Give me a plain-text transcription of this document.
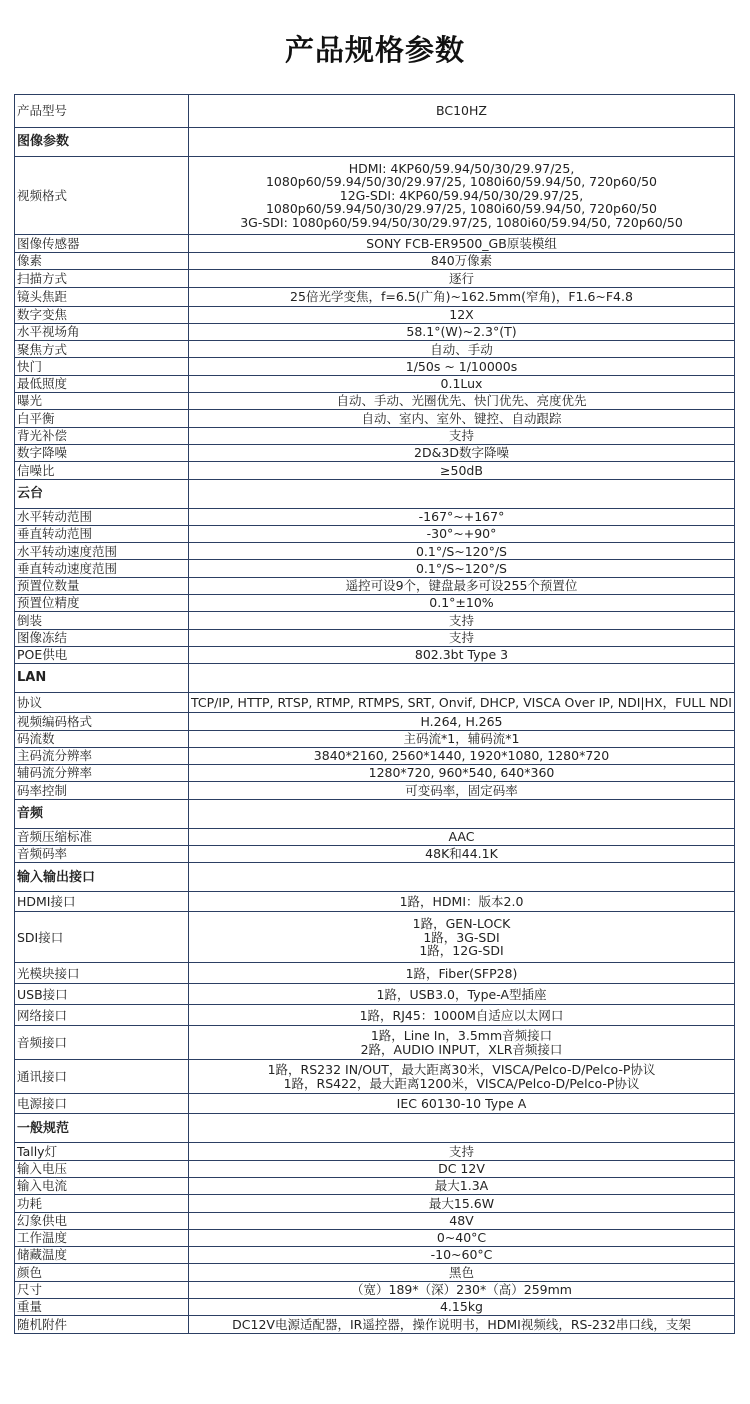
产品规格参数
产品型号	BC10HZ
图像参数	
视频格式	HDMI: 4KP60/59.94/50/30/29.97/25,
1080p60/59.94/50/30/29.97/25, 1080i60/59.94/50, 720p60/50
12G-SDI: 4KP60/59.94/50/30/29.97/25,
1080p60/59.94/50/30/29.97/25, 1080i60/59.94/50, 720p60/50
3G-SDI: 1080p60/59.94/50/30/29.97/25, 1080i60/59.94/50, 720p60/50

图像传感器	SONY FCB-ER9500_GB原装模组

像素	840万像素

扫描方式	逐行

镜头焦距	25倍光学变焦，f=6.5(广角)~162.5mm(窄角)，F1.6~F4.8

数字变焦	12X

水平视场角	58.1°(W)~2.3°(T)

聚焦方式	自动、手动

快门	1/50s ~ 1/10000s

最低照度	0.1Lux

曝光	自动、手动、光圈优先、快门优先、亮度优先

白平衡	自动、室内、室外、键控、自动跟踪

背光补偿	支持

数字降噪	2D&3D数字降噪

信噪比	≥50dB

云台	
水平转动范围	-167°~+167°

垂直转动范围	-30°~+90°

水平转动速度范围	0.1°/S~120°/S

垂直转动速度范围	0.1°/S~120°/S

预置位数量	遥控可设9个，键盘最多可设255个预置位

预置位精度	0.1°±10%

倒装	支持

图像冻结	支持

POE供电	802.3bt Type 3

LAN	
协议	TCP/IP, HTTP, RTSP, RTMP, RTMPS, SRT, Onvif, DHCP, VISCA Over IP, NDI|HX，FULL NDI

视频编码格式	H.264, H.265

码流数	主码流*1，辅码流*1

主码流分辨率	3840*2160, 2560*1440, 1920*1080, 1280*720

辅码流分辨率	1280*720, 960*540, 640*360

码率控制	可变码率，固定码率

音频	
音频压缩标准	AAC

音频码率	48K和44.1K

输入输出接口	
HDMI接口	1路，HDMI：版本2.0

SDI接口	1路，GEN-LOCK
1路，3G-SDI
1路，12G-SDI

光模块接口	1路，Fiber(SFP28)

USB接口	1路，USB3.0，Type-A型插座

网络接口	1路，RJ45：1000M自适应以太网口

音频接口	1路，Line In，3.5mm音频接口
2路，AUDIO INPUT，XLR音频接口

通讯接口	1路，RS232 IN/OUT，最大距离30米，VISCA/Pelco-D/Pelco-P协议
1路，RS422，最大距离1200米，VISCA/Pelco-D/Pelco-P协议

电源接口	IEC 60130-10 Type A

一般规范	
Tally灯	支持

输入电压	DC 12V

输入电流	最大1.3A

功耗	最大15.6W

幻象供电	48V

工作温度	0~40°C

储藏温度	-10~60°C

颜色	黑色

尺寸	（宽）189*（深）230*（高）259mm

重量	4.15kg

随机附件	DC12V电源适配器，IR遥控器，操作说明书，HDMI视频线，RS-232串口线，支架
